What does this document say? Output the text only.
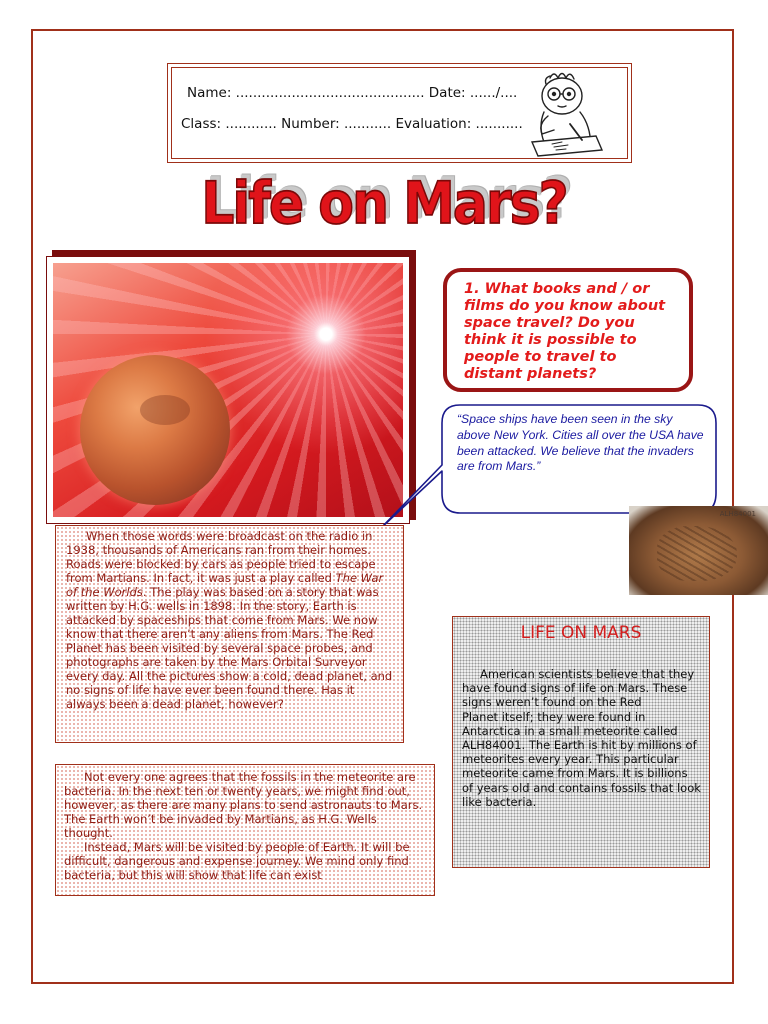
Name: ............................................ Date: ....../....
Class: ............ Number: ........... Evaluation: ...........
Life on Mars?
1. What books and / or films do you know about space travel? Do you think it is possible to people to travel to distant planets?
“Space ships have been seen in the sky above New York. Cities all over the USA have been attacked. We believe that the invaders are from Mars.”
ALH84001

When those words were broadcast on the radio in 1938, thousands of Americans ran from their homes. Roads were blocked by cars as people tried to escape from Martians. In fact, it was just a play called The War of the Worlds. The play was based on a story that was written by H.G. wells in 1898. In the story, Earth is attacked by spaceships that come from Mars. We now know that there aren’t any aliens from Mars. The Red Planet has been visited by several space probes, and photographs are taken by the Mars Orbital Surveyor every day. All the pictures show a cold, dead planet, and no signs of life have ever been found there. Has it always been a dead planet, however?

Not every one agrees that the fossils in the meteorite are bacteria. In the next ten or twenty years, we might find out, however, as there are many plans to send astronauts to Mars.

The Earth won’t be invaded by Martians, as H.G. Wells thought.

Instead, Mars will be visited by people of Earth. It will be difficult, dangerous and expense journey. We mind only find bacteria, but this will show that life can exist

LIFE ON MARS
American scientists believe that they have found signs of life on Mars. These signs weren’t found on the Red
Planet itself; they were found in Antarctica in a small meteorite called ALH84001. The Earth is hit by millions of meteorites every year. This particular meteorite came from Mars. It is billions of years old and contains fossils that look like bacteria.
